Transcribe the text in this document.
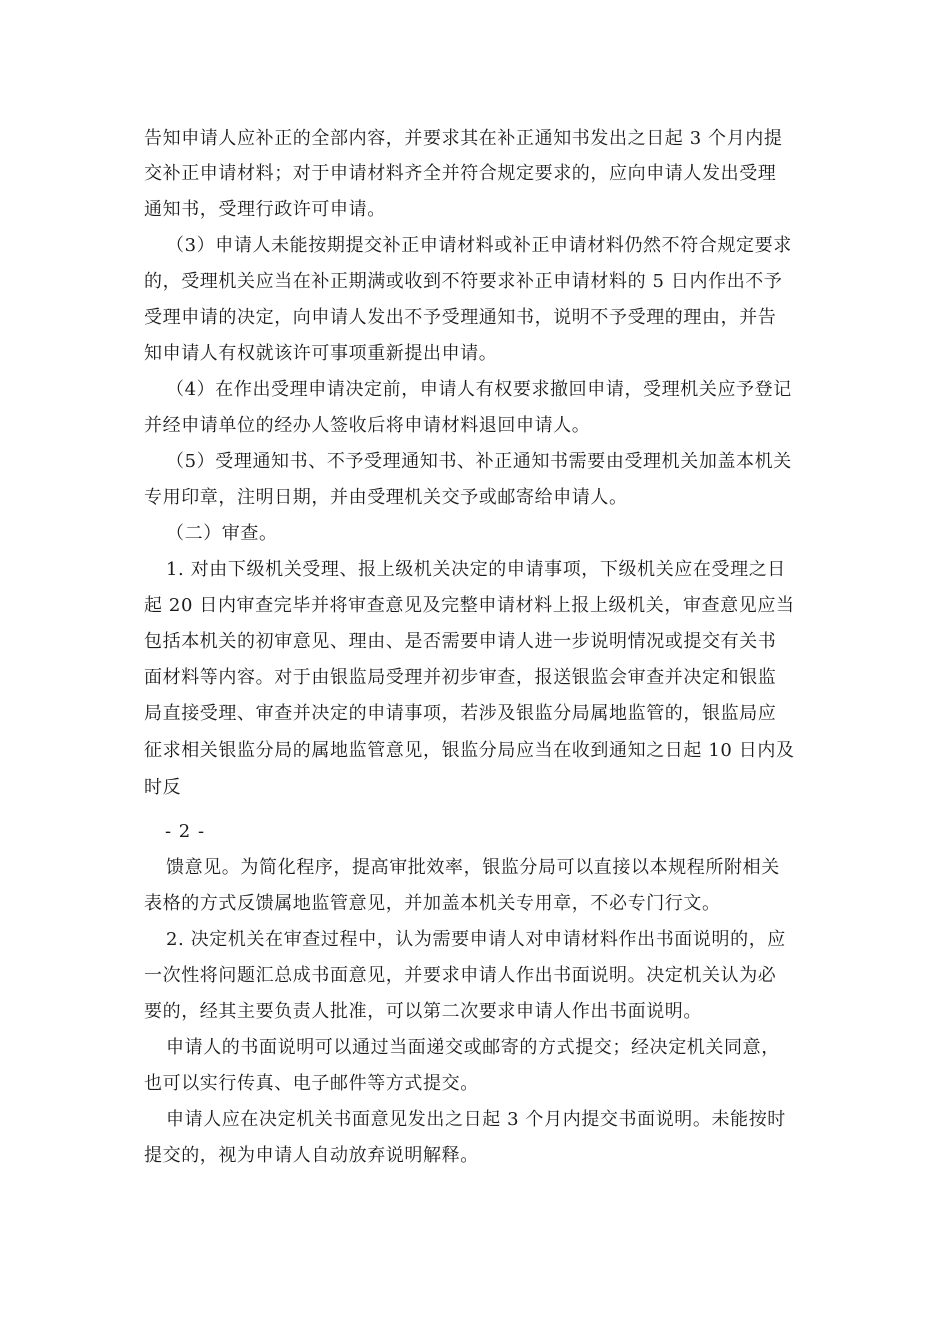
告知申请人应补正的全部内容，并要求其在补正通知书发出之日起 3 个月内提
交补正申请材料；对于申请材料齐全并符合规定要求的，应向申请人发出受理
通知书，受理行政许可申请。
（3）申请人未能按期提交补正申请材料或补正申请材料仍然不符合规定要求
的，受理机关应当在补正期满或收到不符要求补正申请材料的 5 日内作出不予
受理申请的决定，向申请人发出不予受理通知书，说明不予受理的理由，并告
知申请人有权就该许可事项重新提出申请。
（4）在作出受理申请决定前，申请人有权要求撤回申请，受理机关应予登记
并经申请单位的经办人签收后将申请材料退回申请人。
（5）受理通知书、不予受理通知书、补正通知书需要由受理机关加盖本机关
专用印章，注明日期，并由受理机关交予或邮寄给申请人。
（二）审查。
1. 对由下级机关受理、报上级机关决定的申请事项，下级机关应在受理之日
起 20 日内审查完毕并将审查意见及完整申请材料上报上级机关，审查意见应当
包括本机关的初审意见、理由、是否需要申请人进一步说明情况或提交有关书
面材料等内容。对于由银监局受理并初步审查，报送银监会审查并决定和银监
局直接受理、审查并决定的申请事项，若涉及银监分局属地监管的，银监局应
征求相关银监分局的属地监管意见，银监分局应当在收到通知之日起 10 日内及
时反
- 2 -
馈意见。为简化程序，提高审批效率，银监分局可以直接以本规程所附相关
表格的方式反馈属地监管意见，并加盖本机关专用章，不必专门行文。
2. 决定机关在审查过程中，认为需要申请人对申请材料作出书面说明的，应
一次性将问题汇总成书面意见，并要求申请人作出书面说明。决定机关认为必
要的，经其主要负责人批准，可以第二次要求申请人作出书面说明。
申请人的书面说明可以通过当面递交或邮寄的方式提交；经决定机关同意，
也可以实行传真、电子邮件等方式提交。
申请人应在决定机关书面意见发出之日起 3 个月内提交书面说明。未能按时
提交的，视为申请人自动放弃说明解释。
